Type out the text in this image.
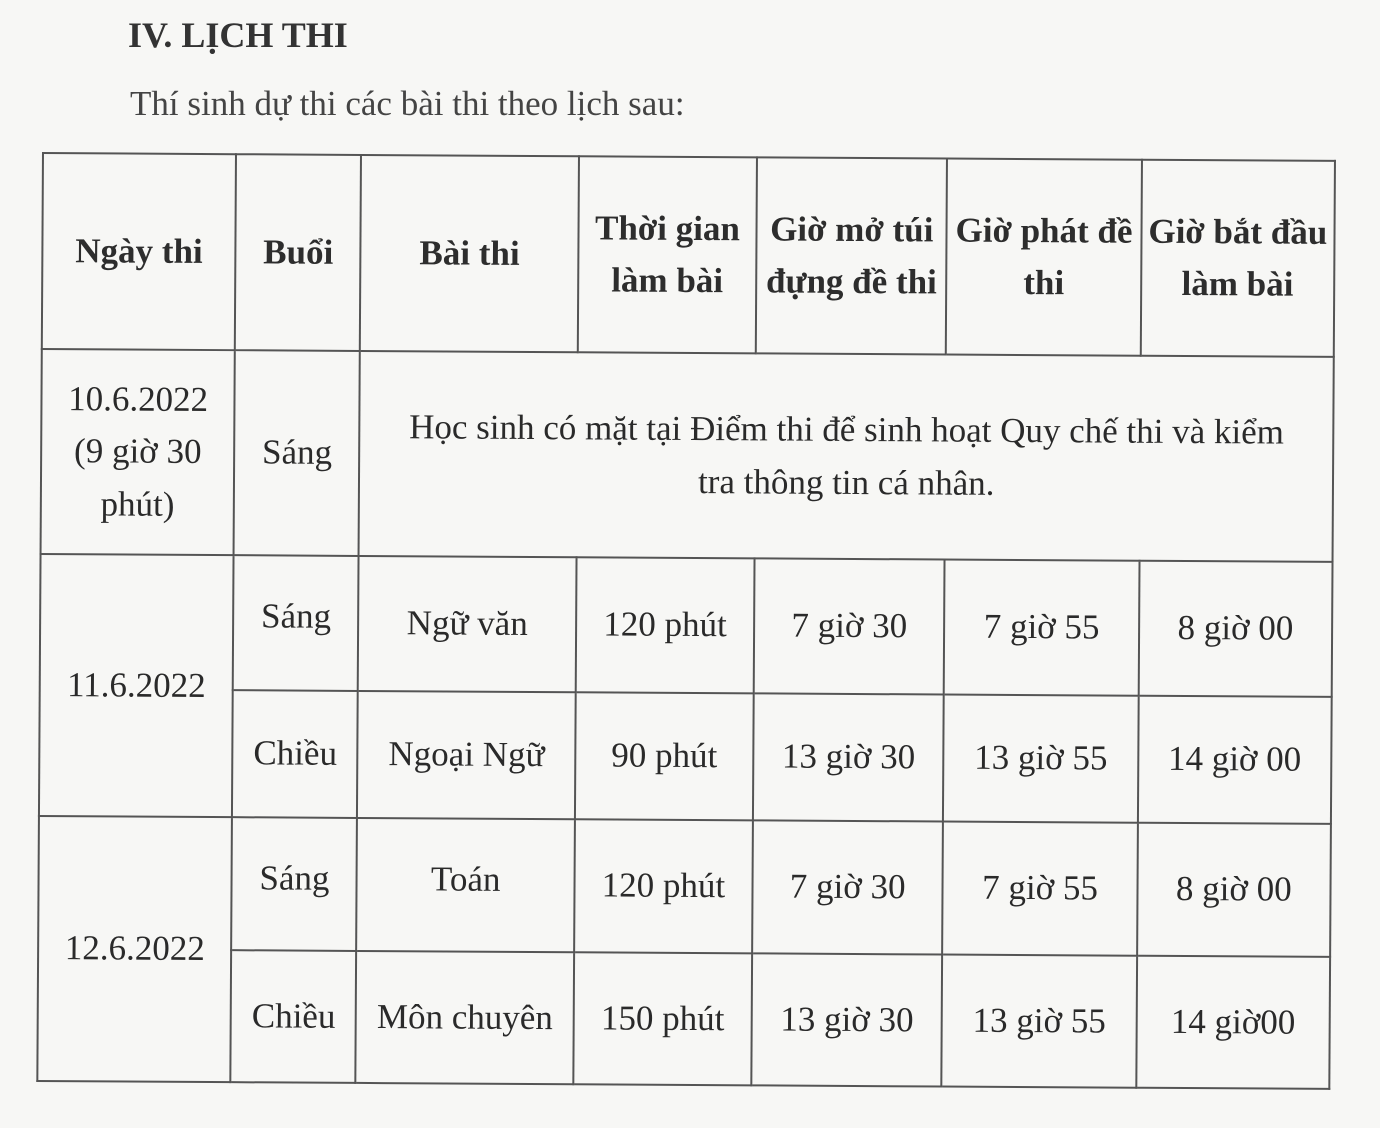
IV. LỊCH THI
Thí sinh dự thi các bài thi theo lịch sau:
Ngày thi	Buổi	Bài thi	Thời gian làm bài	Giờ mở túi đựng đề thi	Giờ phát đề thi	Giờ bắt đầu làm bài
10.6.2022
(9 giờ 30 phút)	Sáng	Học sinh có mặt tại Điểm thi để sinh hoạt Quy chế thi và kiểm tra thông tin cá nhân.				
11.6.2022	Sáng	Ngữ văn	120 phút	7 giờ 30	7 giờ 55	8 giờ 00
	Chiều	Ngoại Ngữ	90 phút	13 giờ 30	13 giờ 55	14 giờ 00
12.6.2022	Sáng	Toán	120 phút	7 giờ 30	7 giờ 55	8 giờ 00
	Chiều	Môn chuyên	150 phút	13 giờ 30	13 giờ 55	14 giờ00
